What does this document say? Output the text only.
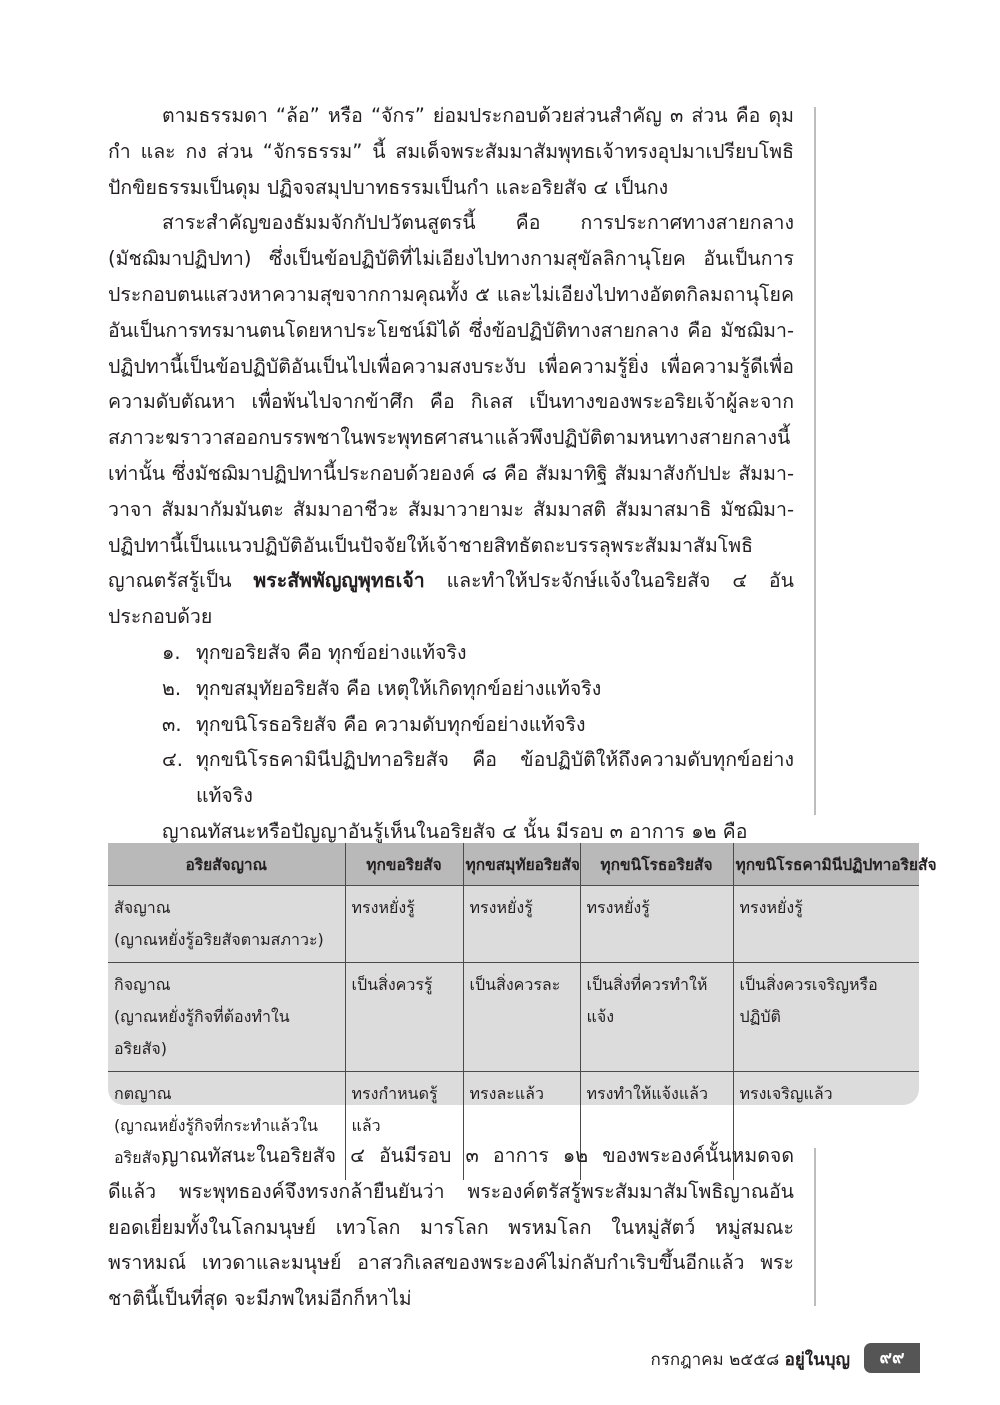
ตามธรรมดา “ล้อ” หรือ “จักร” ย่อมประกอบด้วยส่วนสำคัญ ๓ ส่วน คือ ดุม กำ และ กง ส่วน “จักรธรรม” นี้ สมเด็จพระสัมมาสัมพุทธเจ้าทรงอุปมาเปรียบโพธิปักขิยธรรมเป็นดุม ปฏิจจสมุปบาทธรรมเป็นกำ และอริยสัจ ๔ เป็นกง

สาระสำคัญของธัมมจักกัปปวัตนสูตรนี้ คือ การประกาศทางสายกลาง (มัชฌิมาปฏิปทา) ซึ่งเป็นข้อปฏิบัติที่ไม่เอียงไปทางกามสุขัลลิกานุโยค อันเป็นการประกอบตนแสวงหาความสุขจากกามคุณทั้ง ๕ และไม่เอียงไปทางอัตตกิลมถานุโยคอันเป็นการทรมานตนโดยหาประโยชน์มิได้ ซึ่งข้อปฏิบัติทางสายกลาง คือ มัชฌิมา-ปฏิปทานี้เป็นข้อปฏิบัติอันเป็นไปเพื่อความสงบระงับ เพื่อความรู้ยิ่ง เพื่อความรู้ดีเพื่อความดับตัณหา เพื่อพ้นไปจากข้าศึก คือ กิเลส เป็นทางของพระอริยเจ้าผู้ละจากสภาวะฆราวาสออกบรรพชาในพระพุทธศาสนาแล้วพึงปฏิบัติตามหนทางสายกลางนี้เท่านั้น ซึ่งมัชฌิมาปฏิปทานี้ประกอบด้วยองค์ ๘ คือ สัมมาทิฐิ สัมมาสังกัปปะ สัมมา-วาจา สัมมากัมมันตะ สัมมาอาชีวะ สัมมาวายามะ สัมมาสติ สัมมาสมาธิ มัชฌิมา-ปฏิปทานี้เป็นแนวปฏิบัติอันเป็นปัจจัยให้เจ้าชายสิทธัตถะบรรลุพระสัมมาสัมโพธิญาณตรัสรู้เป็น พระสัพพัญญูพุทธเจ้า และทำให้ประจักษ์แจ้งในอริยสัจ ๔ อันประกอบด้วย

๑. ทุกขอริยสัจ คือ ทุกข์อย่างแท้จริง

๒. ทุกขสมุทัยอริยสัจ คือ เหตุให้เกิดทุกข์อย่างแท้จริง

๓. ทุกขนิโรธอริยสัจ คือ ความดับทุกข์อย่างแท้จริง

๔. ทุกขนิโรธคามินีปฏิปทาอริยสัจ คือ ข้อปฏิบัติให้ถึงความดับทุกข์อย่างแท้จริง

ญาณทัสนะหรือปัญญาอันรู้เห็นในอริยสัจ ๔ นั้น มีรอบ ๓ อาการ ๑๒ คือ

อริยสัจญาณ	ทุกขอริยสัจ	ทุกขสมุทัยอริยสัจ	ทุกขนิโรธอริยสัจ	ทุกขนิโรธคามินีปฏิปทาอริยสัจ

สัจญาณ
(ญาณหยั่งรู้อริยสัจตามสภาวะ)	ทรงหยั่งรู้	ทรงหยั่งรู้	ทรงหยั่งรู้	ทรงหยั่งรู้

กิจญาณ
(ญาณหยั่งรู้กิจที่ต้องทำในอริยสัจ)	เป็นสิ่งควรรู้	เป็นสิ่งควรละ	เป็นสิ่งที่ควรทำให้แจ้ง	เป็นสิ่งควรเจริญหรือปฏิบัติ

กตญาณ
(ญาณหยั่งรู้กิจที่กระทำแล้วในอริยสัจ)	ทรงกำหนดรู้แล้ว	ทรงละแล้ว	ทรงทำให้แจ้งแล้ว	ทรงเจริญแล้ว

ญาณทัสนะในอริยสัจ ๔ อันมีรอบ ๓ อาการ ๑๒ ของพระองค์นั้นหมดจดดีแล้ว พระพุทธองค์จึงทรงกล้ายืนยันว่า พระองค์ตรัสรู้พระสัมมาสัมโพธิญาณอันยอดเยี่ยมทั้งในโลกมนุษย์ เทวโลก มารโลก พรหมโลก ในหมู่สัตว์ หมู่สมณะ พราหมณ์ เทวดาและมนุษย์ อาสวกิเลสของพระองค์ไม่กลับกำเริบขึ้นอีกแล้ว พระชาตินี้เป็นที่สุด จะมีภพใหม่อีกก็หาไม่

กรกฎาคม ๒๕๕๘ อยู่ในบุญ	๙๙
